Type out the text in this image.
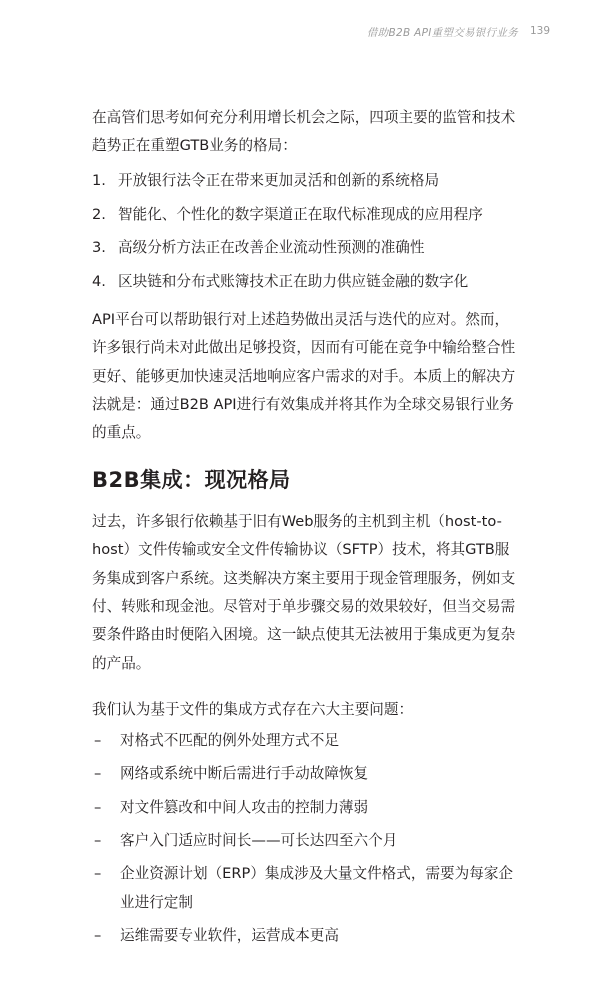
借助B2B API重塑交易银行业务 139

在高管们思考如何充分利用增长机会之际，四项主要的监管和技术趋势正在重塑GTB业务的格局：

1. 开放银行法令正在带来更加灵活和创新的系统格局
2. 智能化、个性化的数字渠道正在取代标准现成的应用程序
3. 高级分析方法正在改善企业流动性预测的准确性
4. 区块链和分布式账簿技术正在助力供应链金融的数字化

API平台可以帮助银行对上述趋势做出灵活与迭代的应对。然而，许多银行尚未对此做出足够投资，因而有可能在竞争中输给整合性更好、能够更加快速灵活地响应客户需求的对手。本质上的解决方法就是：通过B2B API进行有效集成并将其作为全球交易银行业务的重点。

B2B集成：现况格局

过去，许多银行依赖基于旧有Web服务的主机到主机（host-to-host）文件传输或安全文件传输协议（SFTP）技术，将其GTB服务集成到客户系统。这类解决方案主要用于现金管理服务，例如支付、转账和现金池。尽管对于单步骤交易的效果较好，但当交易需要条件路由时便陷入困境。这一缺点使其无法被用于集成更为复杂的产品。

我们认为基于文件的集成方式存在六大主要问题：

–	对格式不匹配的例外处理方式不足
–	网络或系统中断后需进行手动故障恢复
–	对文件篡改和中间人攻击的控制力薄弱
–	客户入门适应时间长——可长达四至六个月
–	企业资源计划（ERP）集成涉及大量文件格式，需要为每家企业进行定制
–	运维需要专业软件，运营成本更高
